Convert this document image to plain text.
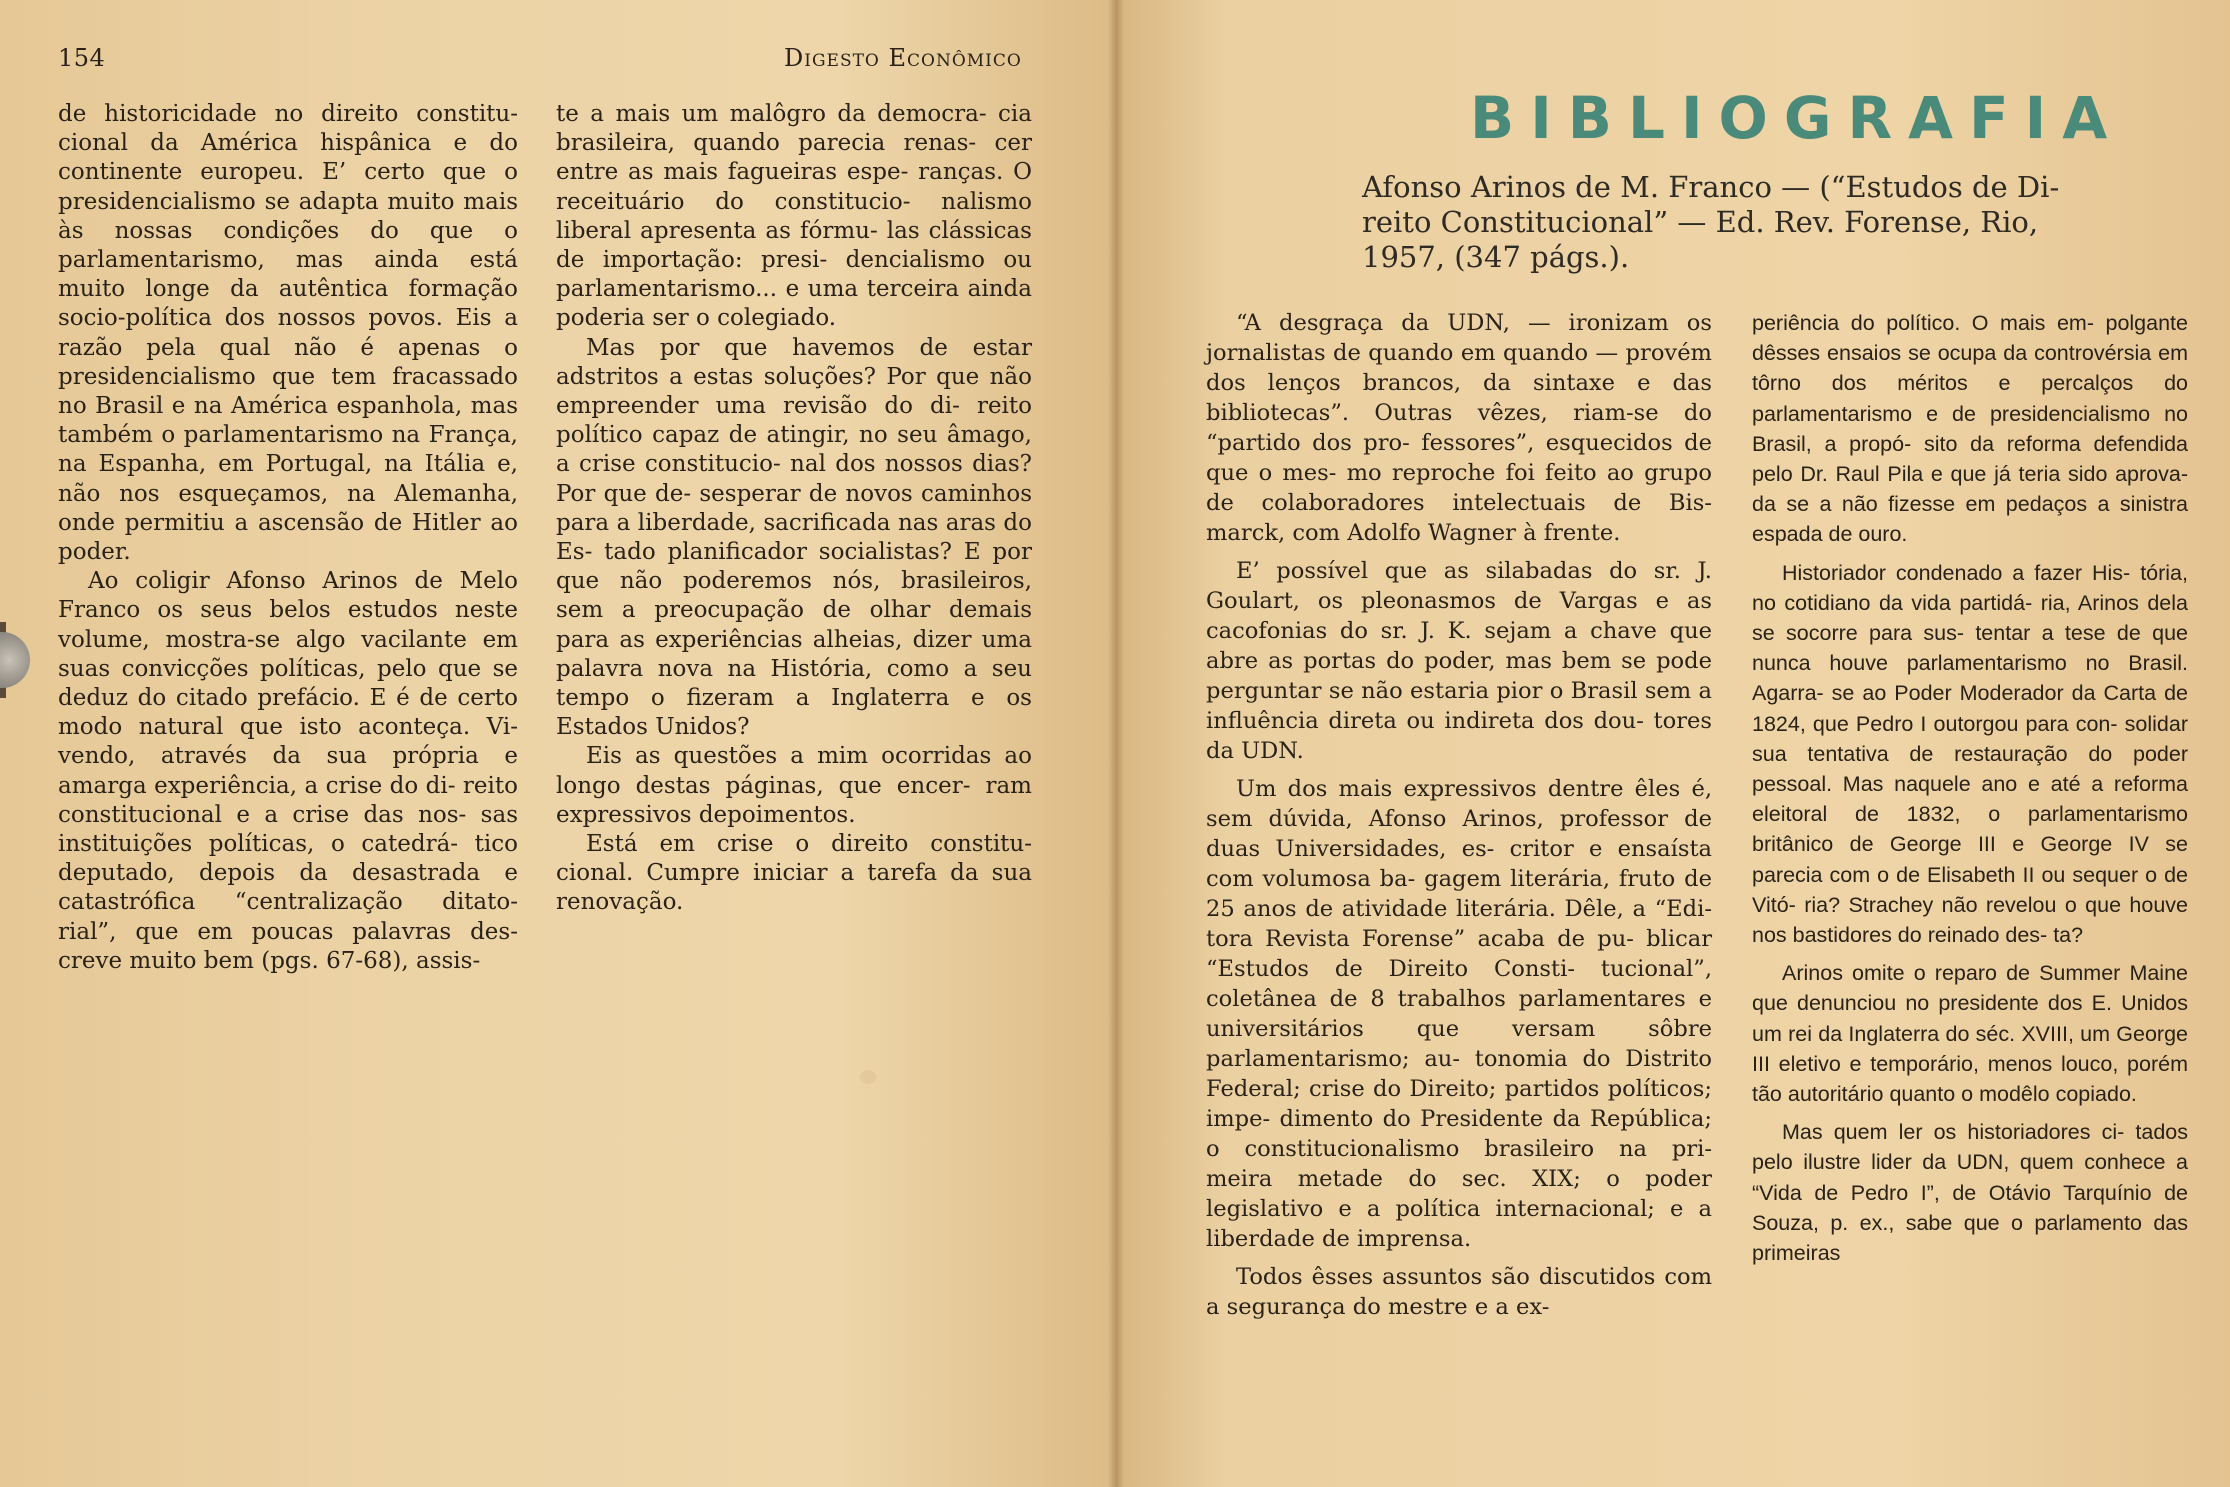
154	Digesto Econômico

de historicidade no direito constitu- cional da América hispânica e do continente europeu. E’ certo que o presidencialismo se adapta muito mais às nossas condições do que o parlamentarismo, mas ainda está muito longe da autêntica formação socio-política dos nossos povos. Eis a razão pela qual não é apenas o presidencialismo que tem fracassado no Brasil e na América espanhola, mas também o parlamentarismo na França, na Espanha, em Portugal, na Itália e, não nos esqueçamos, na Alemanha, onde permitiu a ascensão de Hitler ao poder.

Ao coligir Afonso Arinos de Melo Franco os seus belos estudos neste volume, mostra-se algo vacilante em suas convicções políticas, pelo que se deduz do citado prefácio. E é de certo modo natural que isto aconteça. Vi- vendo, através da sua própria e amarga experiência, a crise do di- reito constitucional e a crise das nos- sas instituições políticas, o catedrá- tico deputado, depois da desastrada e catastrófica “centralização ditato- rial”, que em poucas palavras des- creve muito bem (pgs. 67-68), assis-

te a mais um malôgro da democra- cia brasileira, quando parecia renas- cer entre as mais fagueiras espe- ranças. O receituário do constitucio- nalismo liberal apresenta as fórmu- las clássicas de importação: presi- dencialismo ou parlamentarismo... e uma terceira ainda poderia ser o colegiado.

Mas por que havemos de estar adstritos a estas soluções? Por que não empreender uma revisão do di- reito político capaz de atingir, no seu âmago, a crise constitucio- nal dos nossos dias? Por que de- sesperar de novos caminhos para a liberdade, sacrificada nas aras do Es- tado planificador socialistas? E por que não poderemos nós, brasileiros, sem a preocupação de olhar demais para as experiências alheias, dizer uma palavra nova na História, como a seu tempo o fizeram a Inglaterra e os Estados Unidos?

Eis as questões a mim ocorridas ao longo destas páginas, que encer- ram expressivos depoimentos.

Está em crise o direito constitu- cional. Cumpre iniciar a tarefa da sua renovação.

BIBLIOGRAFIA
Afonso Arinos de M. Franco — (“Estudos de Di-
reito Constitucional” — Ed. Rev. Forense, Rio,
1957, (347 págs.).

“A desgraça da UDN, — ironizam os jornalistas de quando em quando — provém dos lenços brancos, da sintaxe e das bibliotecas”. Outras vêzes, riam-se do “partido dos pro- fessores”, esquecidos de que o mes- mo reproche foi feito ao grupo de colaboradores intelectuais de Bis- marck, com Adolfo Wagner à frente.

E’ possível que as silabadas do sr. J. Goulart, os pleonasmos de Vargas e as cacofonias do sr. J. K. sejam a chave que abre as portas do poder, mas bem se pode perguntar se não estaria pior o Brasil sem a influência direta ou indireta dos dou- tores da UDN.

Um dos mais expressivos dentre êles é, sem dúvida, Afonso Arinos, professor de duas Universidades, es- critor e ensaísta com volumosa ba- gagem literária, fruto de 25 anos de atividade literária. Dêle, a “Edi- tora Revista Forense” acaba de pu- blicar “Estudos de Direito Consti- tucional”, coletânea de 8 trabalhos parlamentares e universitários que versam sôbre parlamentarismo; au- tonomia do Distrito Federal; crise do Direito; partidos políticos; impe- dimento do Presidente da República; o constitucionalismo brasileiro na pri- meira metade do sec. XIX; o poder legislativo e a política internacional; e a liberdade de imprensa.

Todos êsses assuntos são discutidos com a segurança do mestre e a ex-

periência do político. O mais em- polgante dêsses ensaios se ocupa da controvérsia em tôrno dos méritos e percalços do parlamentarismo e de presidencialismo no Brasil, a propó- sito da reforma defendida pelo Dr. Raul Pila e que já teria sido aprova- da se a não fizesse em pedaços a sinistra espada de ouro.

Historiador condenado a fazer His- tória, no cotidiano da vida partidá- ria, Arinos dela se socorre para sus- tentar a tese de que nunca houve parlamentarismo no Brasil. Agarra- se ao Poder Moderador da Carta de 1824, que Pedro I outorgou para con- solidar sua tentativa de restauração do poder pessoal. Mas naquele ano e até a reforma eleitoral de 1832, o parlamentarismo britânico de George III e George IV se parecia com o de Elisabeth II ou sequer o de Vitó- ria? Strachey não revelou o que houve nos bastidores do reinado des- ta?

Arinos omite o reparo de Summer Maine que denunciou no presidente dos E. Unidos um rei da Inglaterra do séc. XVIII, um George III eletivo e temporário, menos louco, porém tão autoritário quanto o modêlo copiado.

Mas quem ler os historiadores ci- tados pelo ilustre lider da UDN, quem conhece a “Vida de Pedro I”, de Otávio Tarquínio de Souza, p. ex., sabe que o parlamento das primeiras
